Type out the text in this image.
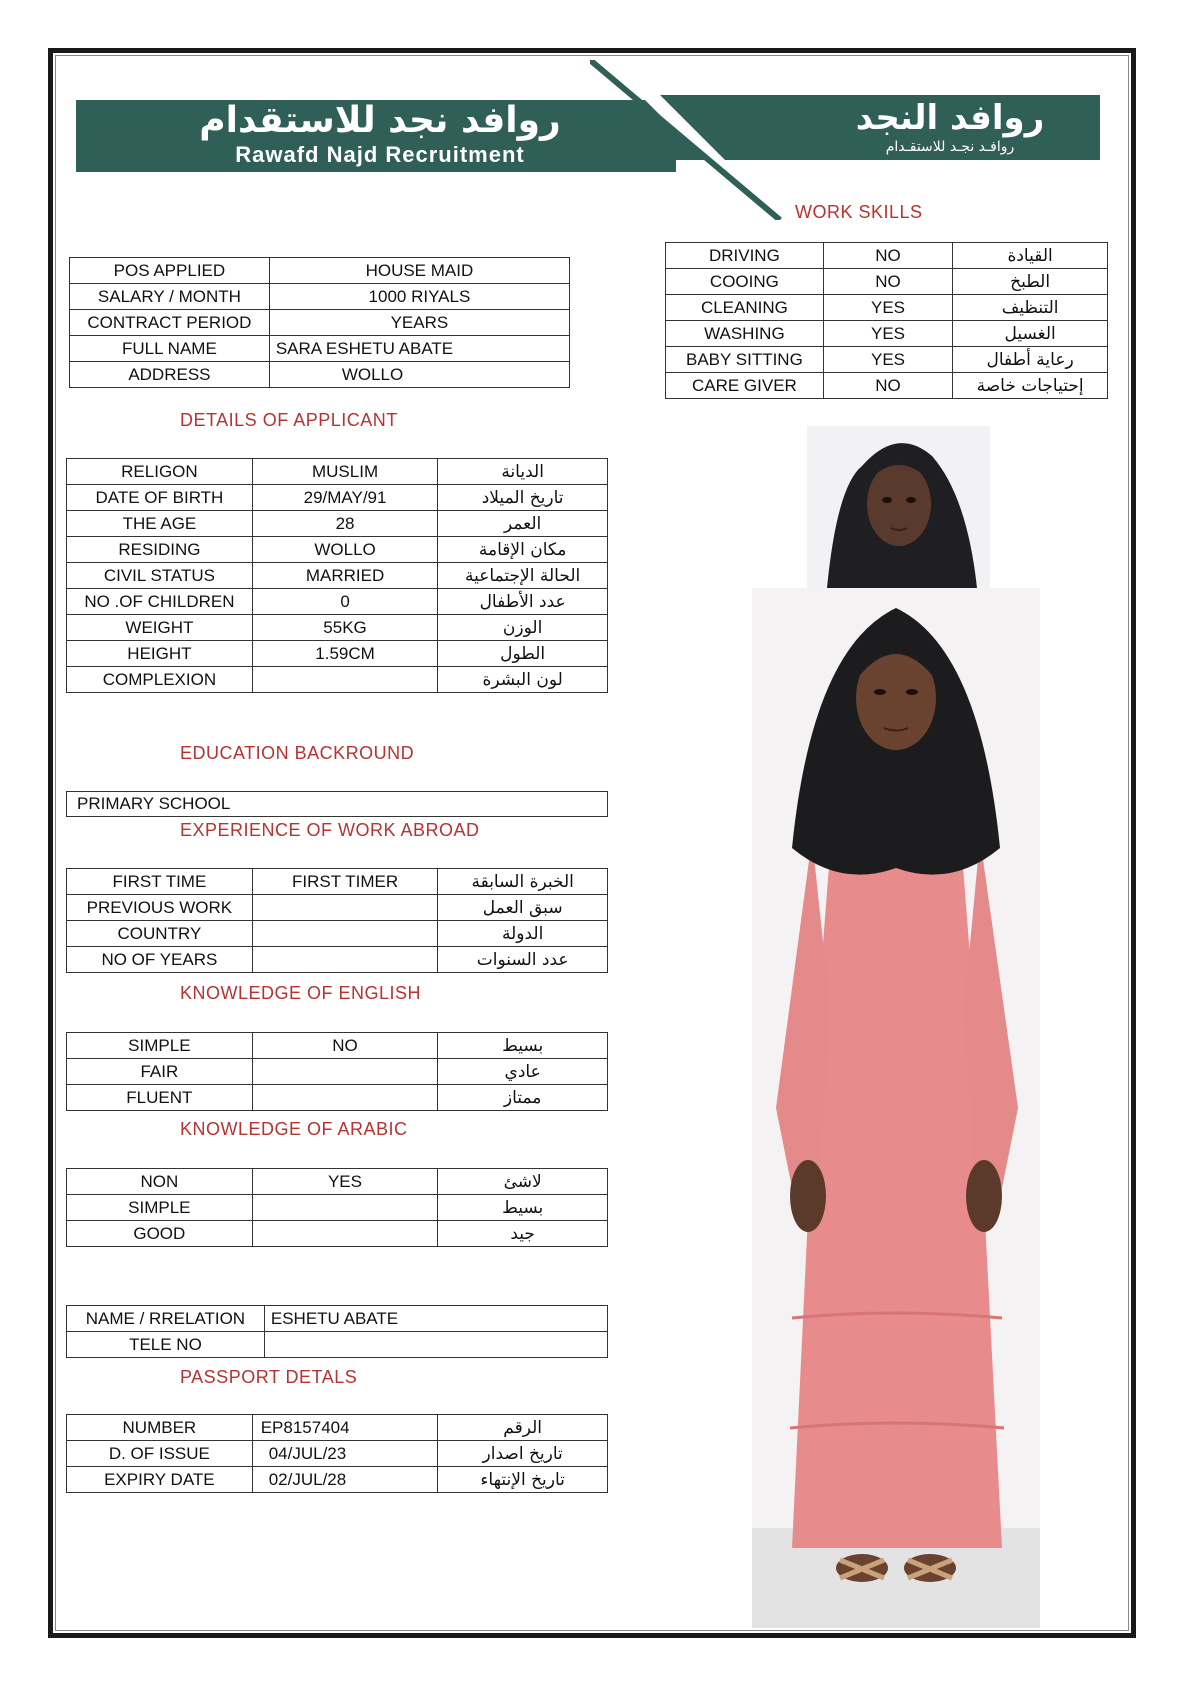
روافد نجد للاستقدام
Rawafd Najd Recruitment
روافد النجد
روافـد نجـد للاستقـدام
POS APPLIED	HOUSE MAID
SALARY / MONTH	1000 RIYALS
CONTRACT PERIOD	YEARS
FULL NAME	SARA ESHETU ABATE
ADDRESS	WOLLO
WORK SKILLS
DRIVING	NO	القيادة
COOING	NO	الطبخ
CLEANING	YES	التنظيف
WASHING	YES	الغسيل
BABY SITTING	YES	رعاية أطفال
CARE GIVER	NO	إحتياجات خاصة
DETAILS OF APPLICANT
RELIGON	MUSLIM	الديانة
DATE OF BIRTH	29/MAY/91	تاريخ الميلاد
THE AGE	28	العمر
RESIDING	WOLLO	مكان الإقامة
CIVIL STATUS	MARRIED	الحالة الإجتماعية
NO .OF CHILDREN	0	عدد الأطفال
WEIGHT	55KG	الوزن
HEIGHT	1.59CM	الطول
COMPLEXION		لون البشرة
EDUCATION BACKROUND
PRIMARY SCHOOL
EXPERIENCE OF WORK ABROAD
FIRST TIME	FIRST TIMER	الخبرة السابقة
PREVIOUS WORK		سبق العمل
COUNTRY		الدولة
NO OF YEARS		عدد السنوات
KNOWLEDGE OF ENGLISH
SIMPLE	NO	بسيط
FAIR		عادي
FLUENT		ممتاز
KNOWLEDGE OF ARABIC
NON	YES	لاشئ
SIMPLE		بسيط
GOOD		جيد
NAME / RRELATION	ESHETU ABATE
TELE NO	
PASSPORT DETALS
NUMBER	EP8157404	الرقم
D. OF ISSUE	04/JUL/23	تاريخ اصدار
EXPIRY DATE	02/JUL/28	تاريخ الإنتهاء
